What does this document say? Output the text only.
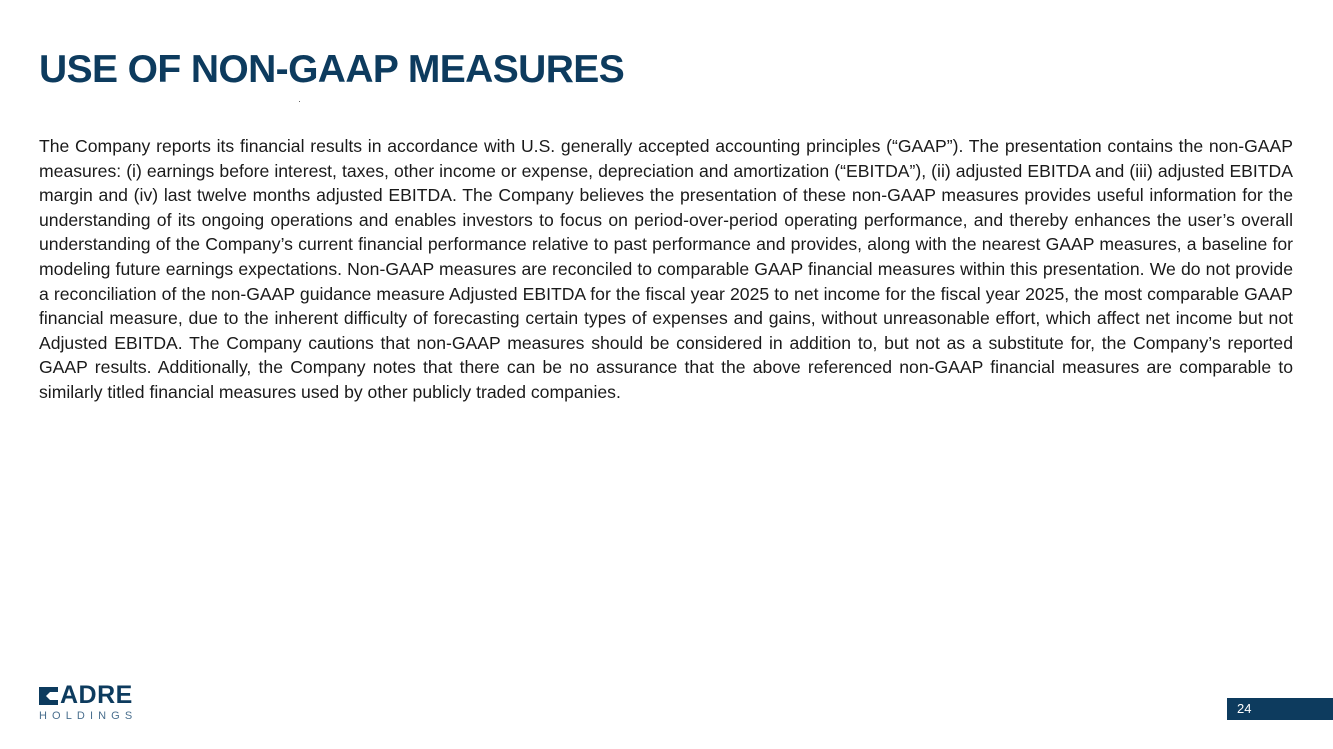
USE OF NON-GAAP MEASURES

The Company reports its financial results in accordance with U.S. generally accepted accounting principles (“GAAP”). The presentation contains the non-GAAP measures: (i) earnings before interest, taxes, other income or expense, depreciation and amortization (“EBITDA”), (ii) adjusted EBITDA and (iii) adjusted EBITDA margin and (iv) last twelve months adjusted EBITDA. The Company believes the presentation of these non-GAAP measures provides useful information for the understanding of its ongoing operations and enables investors to focus on period-over-period operating performance, and thereby enhances the user’s overall understanding of the Company’s current financial performance relative to past performance and provides, along with the nearest GAAP measures, a baseline for modeling future earnings expectations. Non-GAAP measures are reconciled to comparable GAAP financial measures within this presentation. We do not provide a reconciliation of the non-GAAP guidance measure Adjusted EBITDA for the fiscal year 2025 to net income for the fiscal year 2025, the most comparable GAAP financial measure, due to the inherent difficulty of forecasting certain types of expenses and gains, without unreasonable effort, which affect net income but not Adjusted EBITDA. The Company cautions that non-GAAP measures should be considered in addition to, but not as a substitute for, the Company’s reported GAAP results. Additionally, the Company notes that there can be no assurance that the above referenced non-GAAP financial measures are comparable to similarly titled financial measures used by other publicly traded companies.

ADRE
HOLDINGS	24
